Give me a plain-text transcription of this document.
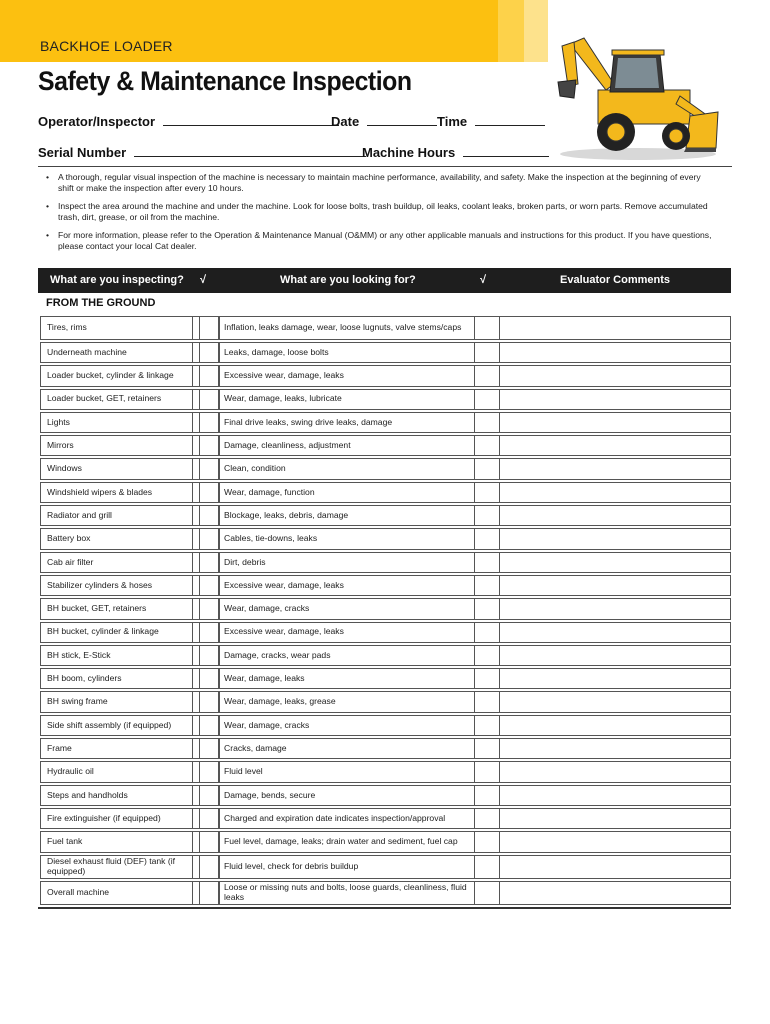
BACKHOE LOADER
Safety & Maintenance Inspection
Operator/Inspector	Date	Time
Serial Number	Machine Hours
• A thorough, regular visual inspection of the machine is necessary to maintain machine performance, availability, and safety. Make the inspection at the beginning of every shift or make the inspection after every 10 hours.
• Inspect the area around the machine and under the machine. Look for loose bolts, trash buildup, oil leaks, coolant leaks, broken parts, or worn parts. Remove accumulated trash, dirt, grease, or oil from the machine.
• For more information, please refer to the Operation & Maintenance Manual (O&MM) or any other applicable manuals and instructions for this product. If you have questions, please contact your local Cat dealer.
What are you inspecting? √	What are you looking for?	√	Evaluator Comments
FROM THE GROUND
Tires, rims	Inflation, leaks damage, wear, loose lugnuts, valve stems/caps
Underneath machine	Leaks, damage, loose bolts
Loader bucket, cylinder & linkage	Excessive wear, damage, leaks
Loader bucket, GET, retainers	Wear, damage, leaks, lubricate
Lights	Final drive leaks, swing drive leaks, damage
Mirrors	Damage, cleanliness, adjustment
Windows	Clean, condition
Windshield wipers & blades	Wear, damage, function
Radiator and grill	Blockage, leaks, debris, damage
Battery box	Cables, tie-downs, leaks
Cab air filter	Dirt, debris
Stabilizer cylinders & hoses	Excessive wear, damage, leaks
BH bucket, GET, retainers	Wear, damage, cracks
BH bucket, cylinder & linkage	Excessive wear, damage, leaks
BH stick, E-Stick	Damage, cracks, wear pads
BH boom, cylinders	Wear, damage, leaks
BH swing frame	Wear, damage, leaks, grease
Side shift assembly (if equipped)	Wear, damage, cracks
Frame	Cracks, damage
Hydraulic oil	Fluid level
Steps and handholds	Damage, bends, secure
Fire extinguisher (if equipped)	Charged and expiration date indicates inspection/approval
Fuel tank	Fuel level, damage, leaks; drain water and sediment, fuel cap
Diesel exhaust fluid (DEF) tank (if equipped)	Fluid level, check for debris buildup
Overall machine	Loose or missing nuts and bolts, loose guards, cleanliness, fluid leaks
